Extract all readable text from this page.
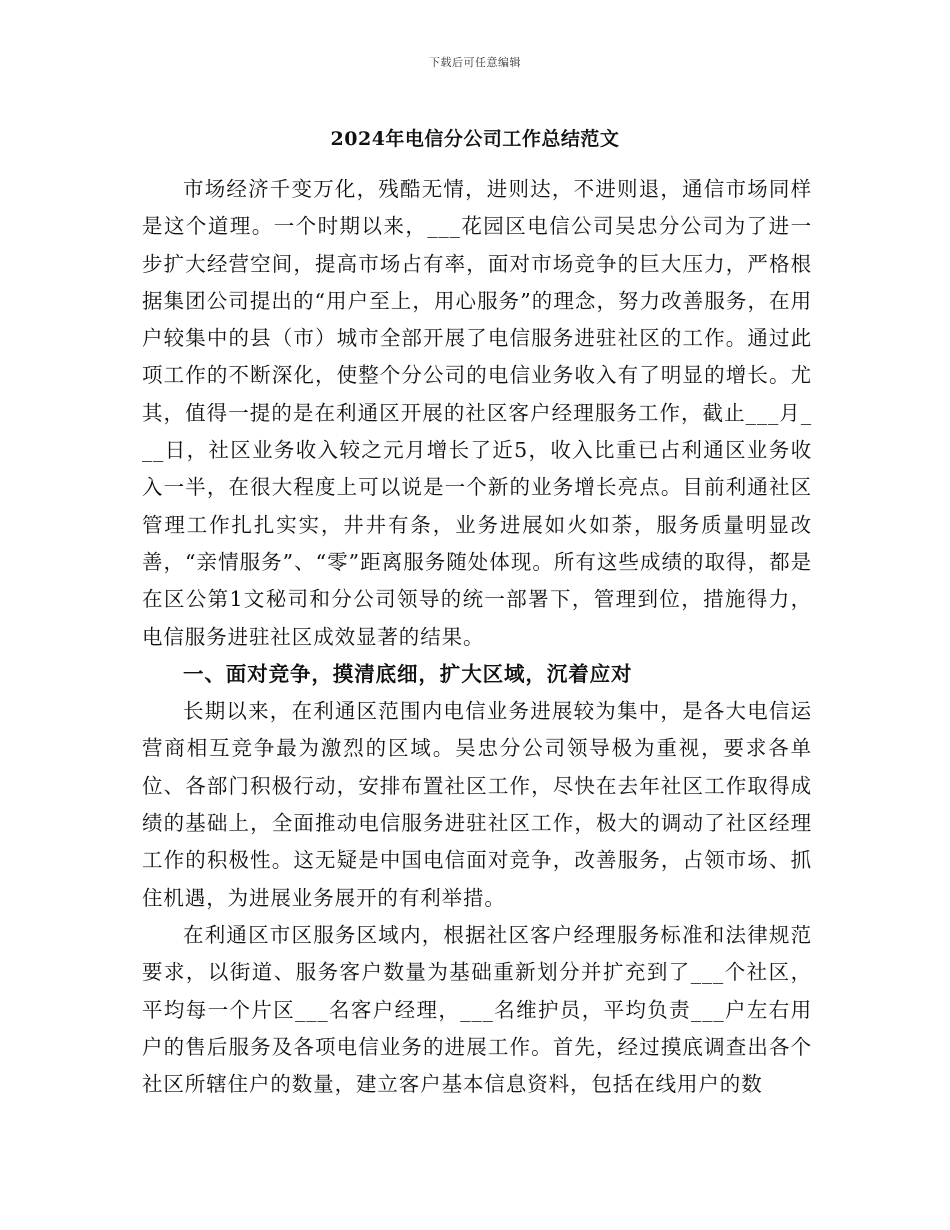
下载后可任意编辑
2024年电信分公司工作总结范文

市场经济千变万化，残酷无情，进则达，不进则退，通信市场同样是这个道理。一个时期以来，___花园区电信公司吴忠分公司为了进一步扩大经营空间，提高市场占有率，面对市场竞争的巨大压力，严格根据集团公司提出的“用户至上，用心服务”的理念，努力改善服务，在用户较集中的县（市）城市全部开展了电信服务进驻社区的工作。通过此项工作的不断深化，使整个分公司的电信业务收入有了明显的增长。尤其，值得一提的是在利通区开展的社区客户经理服务工作，截止___月___日，社区业务收入较之元月增长了近5，收入比重已占利通区业务收入一半，在很大程度上可以说是一个新的业务增长亮点。目前利通社区管理工作扎扎实实，井井有条，业务进展如火如荼，服务质量明显改善，“亲情服务”、“零”距离服务随处体现。所有这些成绩的取得，都是在区公第1文秘司和分公司领导的统一部署下，管理到位，措施得力，电信服务进驻社区成效显著的结果。

一、面对竞争，摸清底细，扩大区域，沉着应对

长期以来，在利通区范围内电信业务进展较为集中，是各大电信运营商相互竞争最为激烈的区域。吴忠分公司领导极为重视，要求各单位、各部门积极行动，安排布置社区工作，尽快在去年社区工作取得成绩的基础上，全面推动电信服务进驻社区工作，极大的调动了社区经理工作的积极性。这无疑是中国电信面对竞争，改善服务，占领市场、抓住机遇，为进展业务展开的有利举措。

在利通区市区服务区域内，根据社区客户经理服务标准和法律规范要求，以街道、服务客户数量为基础重新划分并扩充到了___个社区，平均每一个片区___名客户经理，___名维护员，平均负责___户左右用户的售后服务及各项电信业务的进展工作。首先，经过摸底调查出各个社区所辖住户的数量，建立客户基本信息资料，包括在线用户的数
